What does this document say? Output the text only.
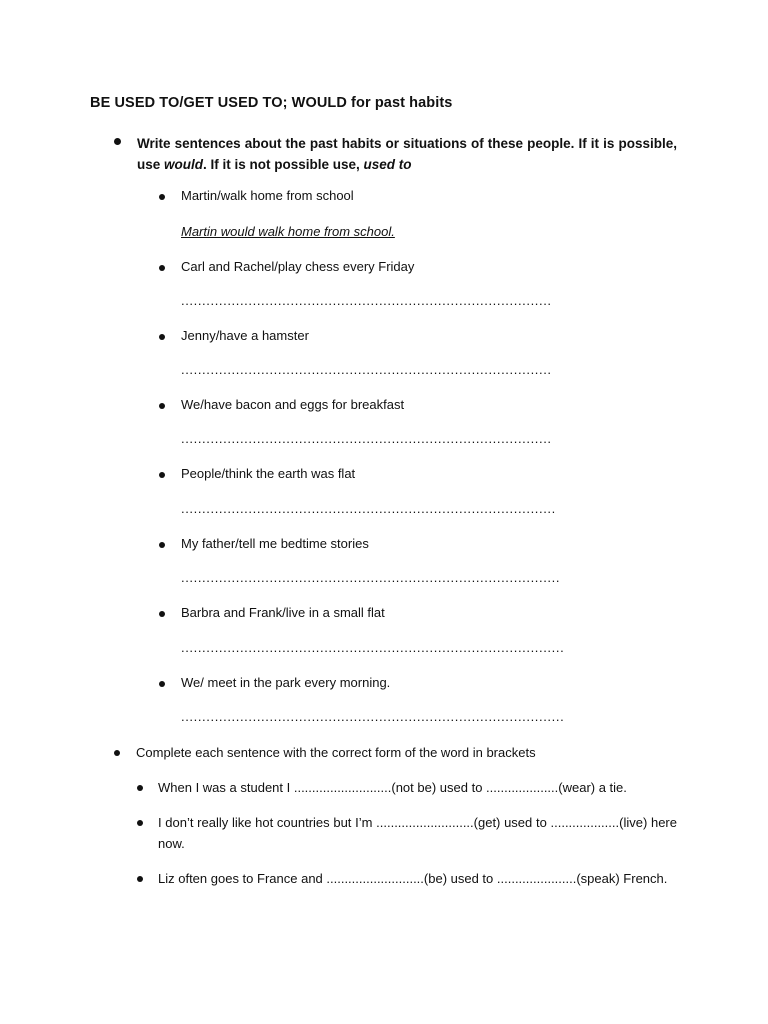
BE USED TO/GET USED TO; WOULD for past habits
Write sentences about the past habits or situations of these people. If it is possible, use would. If it is not possible use, used to
Martin/walk home from school
Martin would walk home from school.
Carl and Rachel/play chess every Friday
........................................................................................
Jenny/have a hamster
........................................................................................
We/have bacon and eggs for breakfast
........................................................................................
People/think the earth was flat
.........................................................................................
My father/tell me bedtime stories
..........................................................................................
Barbra and Frank/live in a small flat
...........................................................................................
We/ meet in the park every morning.
...........................................................................................
Complete each sentence with the correct form of the word in brackets
When I was a student I ...........................(not be) used to ....................(wear) a tie.
I don’t really like hot countries but I’m ...........................(get) used to ...................(live) here now.
Liz often goes to France and ...........................(be) used to ......................(speak) French.
